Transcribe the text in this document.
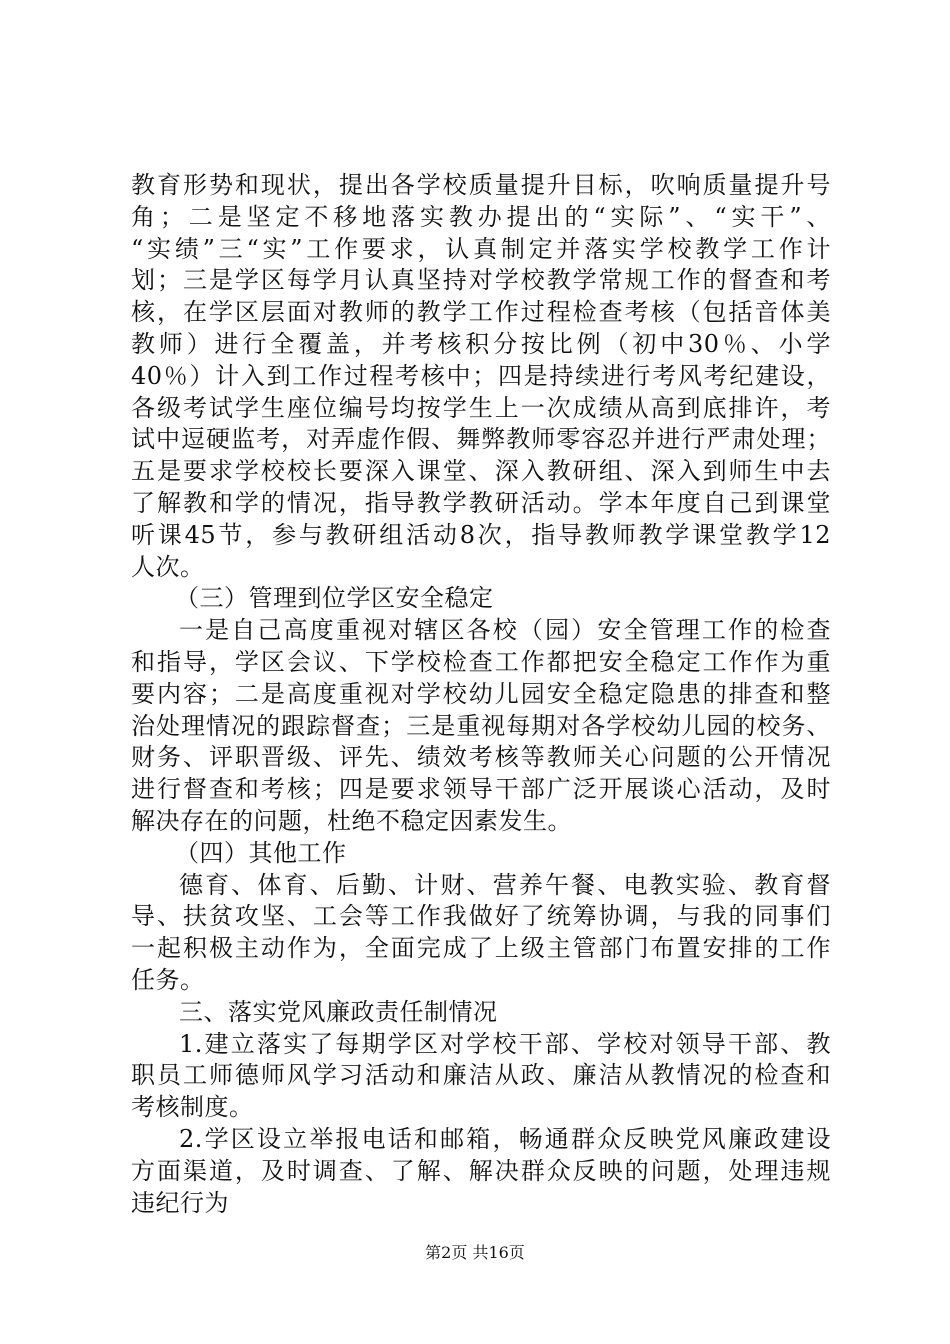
教育形势和现状，提出各学校质量提升目标，吹响质量提升号
角；二是坚定不移地落实教办提出的“实际”、“实干”、
“实绩”三“实”工作要求，认真制定并落实学校教学工作计
划；三是学区每学月认真坚持对学校教学常规工作的督查和考
核，在学区层面对教师的教学工作过程检查考核（包括音体美
教师）进行全覆盖，并考核积分按比例（初中30％、小学
40％）计入到工作过程考核中；四是持续进行考风考纪建设，
各级考试学生座位编号均按学生上一次成绩从高到底排许，考
试中逗硬监考，对弄虚作假、舞弊教师零容忍并进行严肃处理；
五是要求学校校长要深入课堂、深入教研组、深入到师生中去
了解教和学的情况，指导教学教研活动。学本年度自己到课堂
听课45节，参与教研组活动8次，指导教师教学课堂教学12
人次。
（三）管理到位学区安全稳定
一是自己高度重视对辖区各校（园）安全管理工作的检查
和指导，学区会议、下学校检查工作都把安全稳定工作作为重
要内容；二是高度重视对学校幼儿园安全稳定隐患的排查和整
治处理情况的跟踪督查；三是重视每期对各学校幼儿园的校务、
财务、评职晋级、评先、绩效考核等教师关心问题的公开情况
进行督查和考核；四是要求领导干部广泛开展谈心活动，及时
解决存在的问题，杜绝不稳定因素发生。
（四）其他工作
德育、体育、后勤、计财、营养午餐、电教实验、教育督
导、扶贫攻坚、工会等工作我做好了统筹协调，与我的同事们
一起积极主动作为，全面完成了上级主管部门布置安排的工作
任务。
三、落实党风廉政责任制情况
1.建立落实了每期学区对学校干部、学校对领导干部、教
职员工师德师风学习活动和廉洁从政、廉洁从教情况的检查和
考核制度。
2.学区设立举报电话和邮箱，畅通群众反映党风廉政建设
方面渠道，及时调查、了解、解决群众反映的问题，处理违规
违纪行为
第2页 共16页
